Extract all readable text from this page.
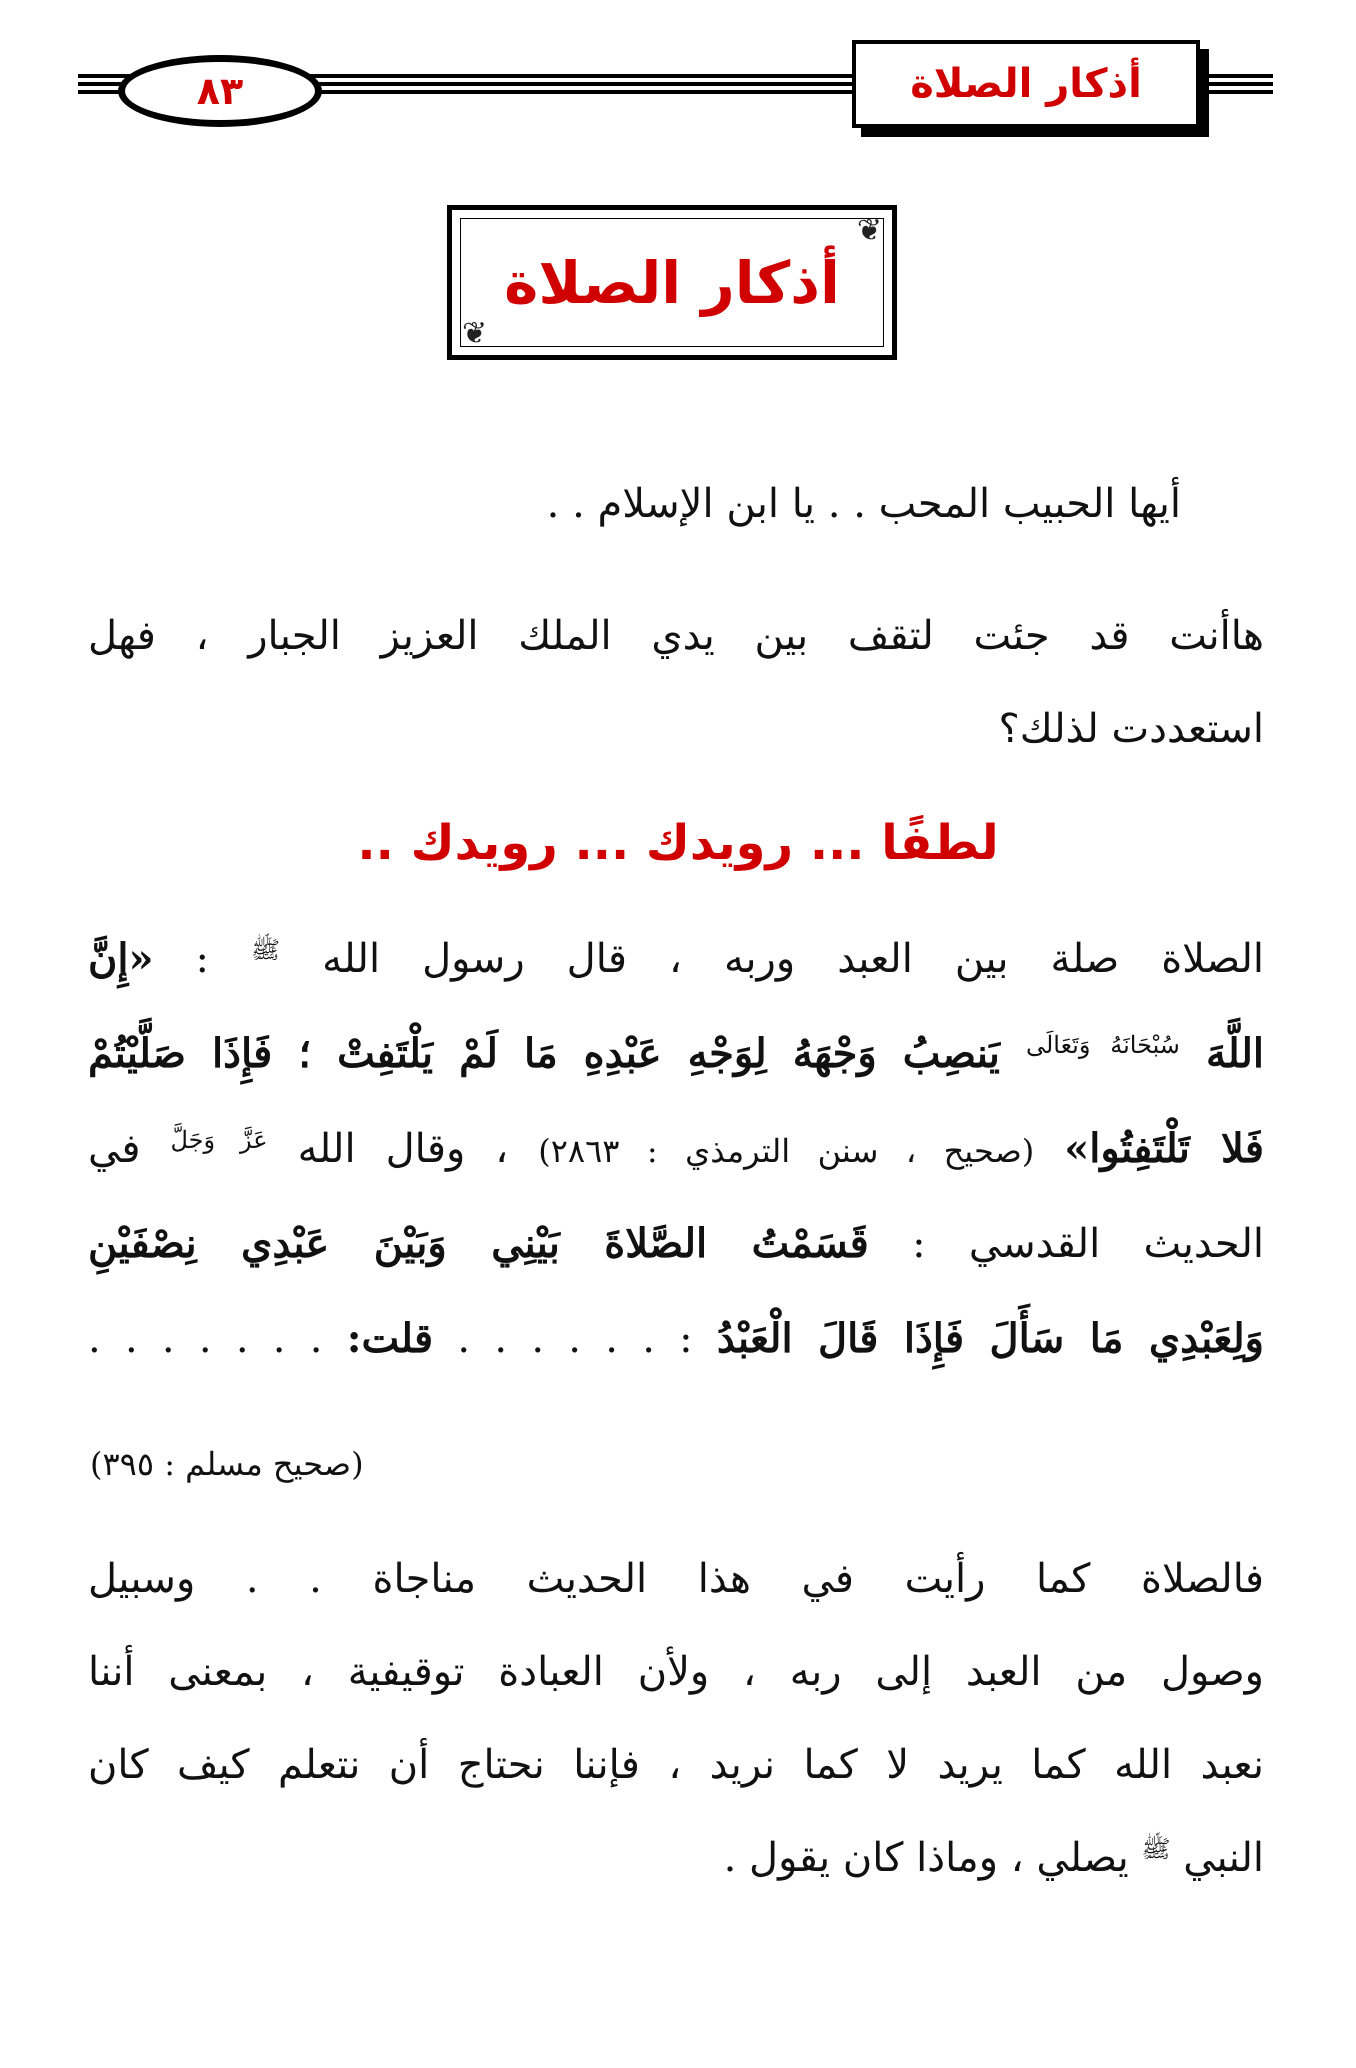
٨٣	أذكار الصلاة
❦
❦
أذكار الصلاة
أيها الحبيب المحب . . يا ابن الإسلام . .
هاأنت قد جئت لتقف بين يدي الملك العزيز الجبار ، فهل
استعددت لذلك؟
لطفًا ... رويدك ... رويدك ..
الصلاة صلة بين العبد وربه ، قال رسول الله $^ﷺ$ : «إِنَّ
اللَّهَ $^{سُبْحَانَهُ وَتَعَالَى}$ يَنصِبُ وَجْهَهُ لِوَجْهِ عَبْدِهِ مَا لَمْ يَلْتَفِتْ ؛ فَإِذَا صَلَّيْتُمْ
فَلا تَلْتَفِتُوا» (صحيح ، سنن الترمذي : ٢٨٦٣) ، وقال الله $^{عَزَّ وَجَلَّ}$ في
الحديث القدسي : قَسَمْتُ الصَّلاةَ بَيْنِي وَبَيْنَ عَبْدِي نِصْفَيْنِ
وَلِعَبْدِي مَا سَأَلَ فَإِذَا قَالَ الْعَبْدُ : . . . . . . قلت: . . . . . . .
(صحيح مسلم : ٣٩٥)
فالصلاة كما رأيت في هذا الحديث مناجاة . . وسبيل
وصول من العبد إلى ربه ، ولأن العبادة توقيفية ، بمعنى أننا
نعبد الله كما يريد لا كما نريد ، فإننا نحتاج أن نتعلم كيف كان
النبي $^ﷺ$ يصلي ، وماذا كان يقول .
